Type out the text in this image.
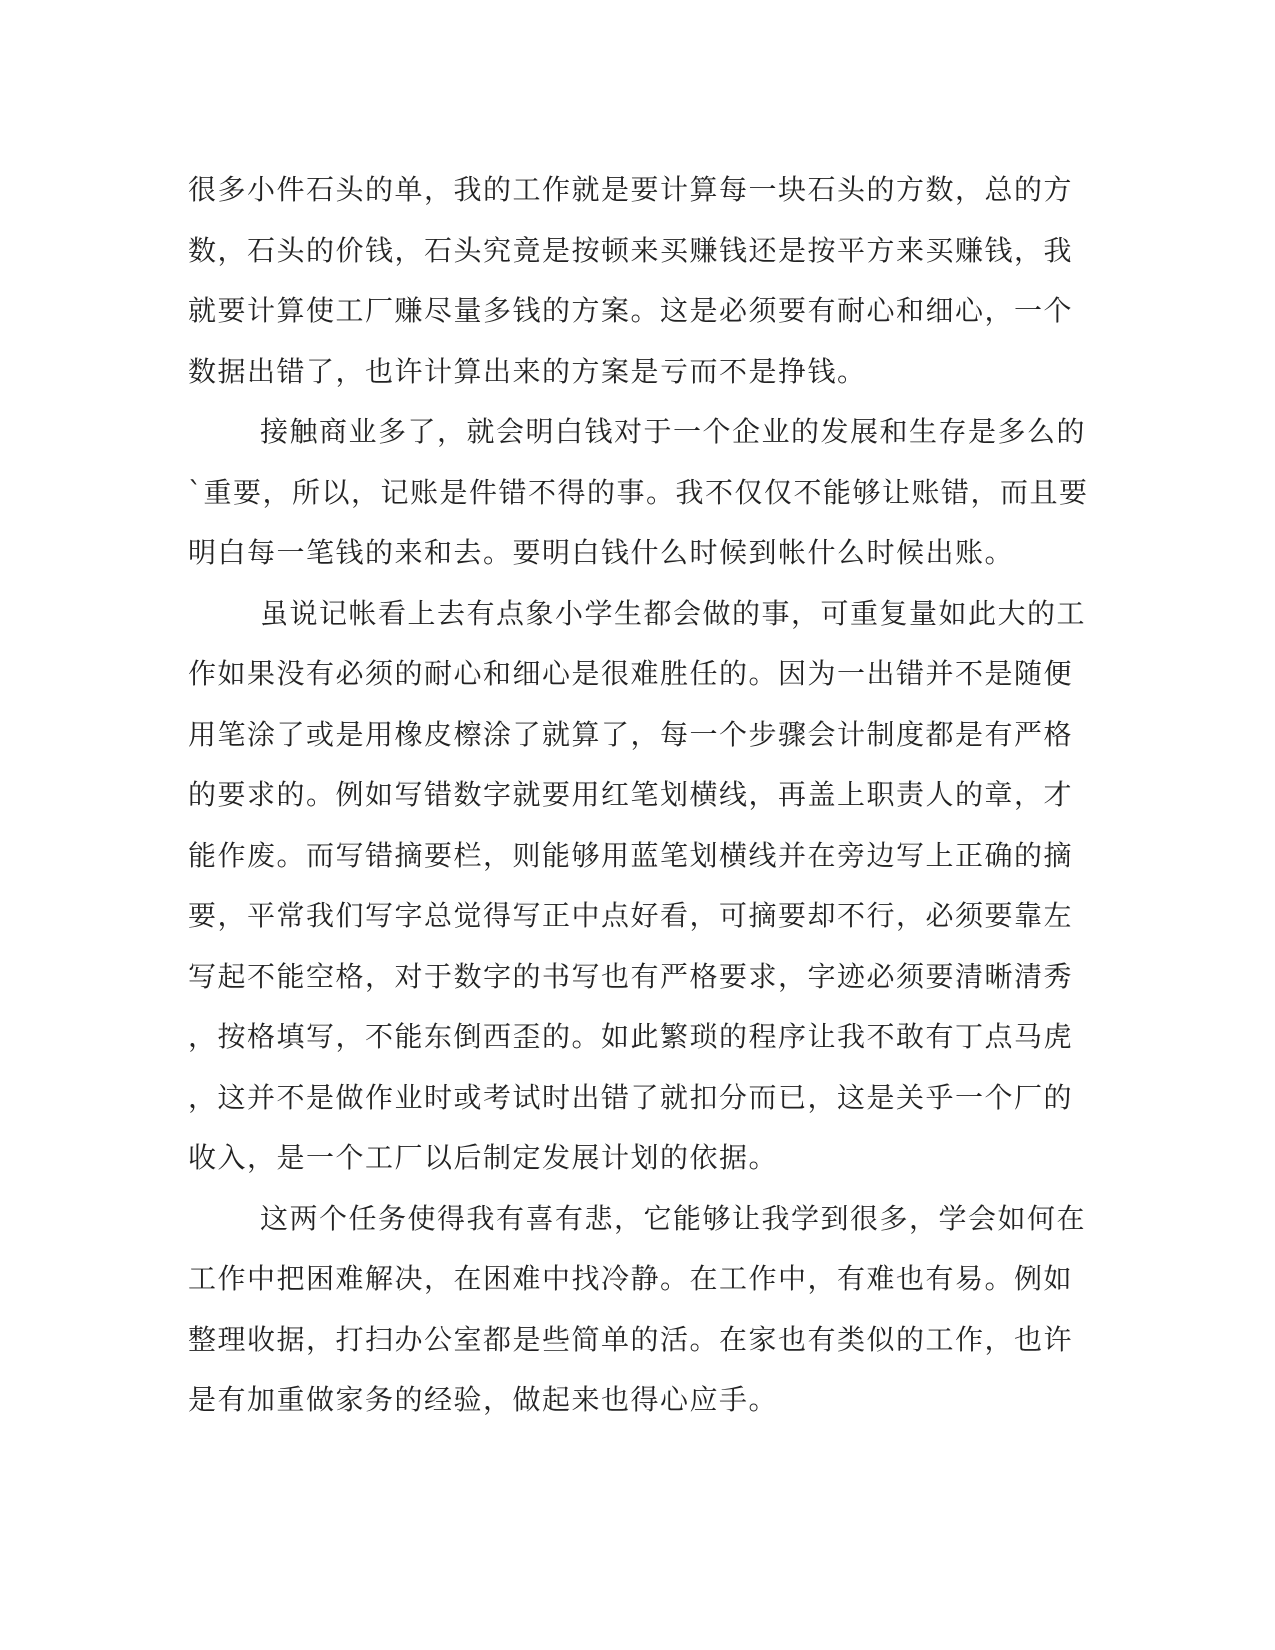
很多小件石头的单，我的工作就是要计算每一块石头的方数，总的方
数，石头的价钱，石头究竟是按顿来买赚钱还是按平方来买赚钱，我
就要计算使工厂赚尽量多钱的方案。这是必须要有耐心和细心，一个
数据出错了，也许计算出来的方案是亏而不是挣钱。
接触商业多了，就会明白钱对于一个企业的发展和生存是多么的
`重要，所以，记账是件错不得的事。我不仅仅不能够让账错，而且要
明白每一笔钱的来和去。要明白钱什么时候到帐什么时候出账。
虽说记帐看上去有点象小学生都会做的事，可重复量如此大的工
作如果没有必须的耐心和细心是很难胜任的。因为一出错并不是随便
用笔涂了或是用橡皮檫涂了就算了，每一个步骤会计制度都是有严格
的要求的。例如写错数字就要用红笔划横线，再盖上职责人的章，才
能作废。而写错摘要栏，则能够用蓝笔划横线并在旁边写上正确的摘
要，平常我们写字总觉得写正中点好看，可摘要却不行，必须要靠左
写起不能空格，对于数字的书写也有严格要求，字迹必须要清晰清秀
，按格填写，不能东倒西歪的。如此繁琐的程序让我不敢有丁点马虎
，这并不是做作业时或考试时出错了就扣分而已，这是关乎一个厂的
收入，是一个工厂以后制定发展计划的依据。
这两个任务使得我有喜有悲，它能够让我学到很多，学会如何在
工作中把困难解决，在困难中找冷静。在工作中，有难也有易。例如
整理收据，打扫办公室都是些简单的活。在家也有类似的工作，也许
是有加重做家务的经验，做起来也得心应手。
